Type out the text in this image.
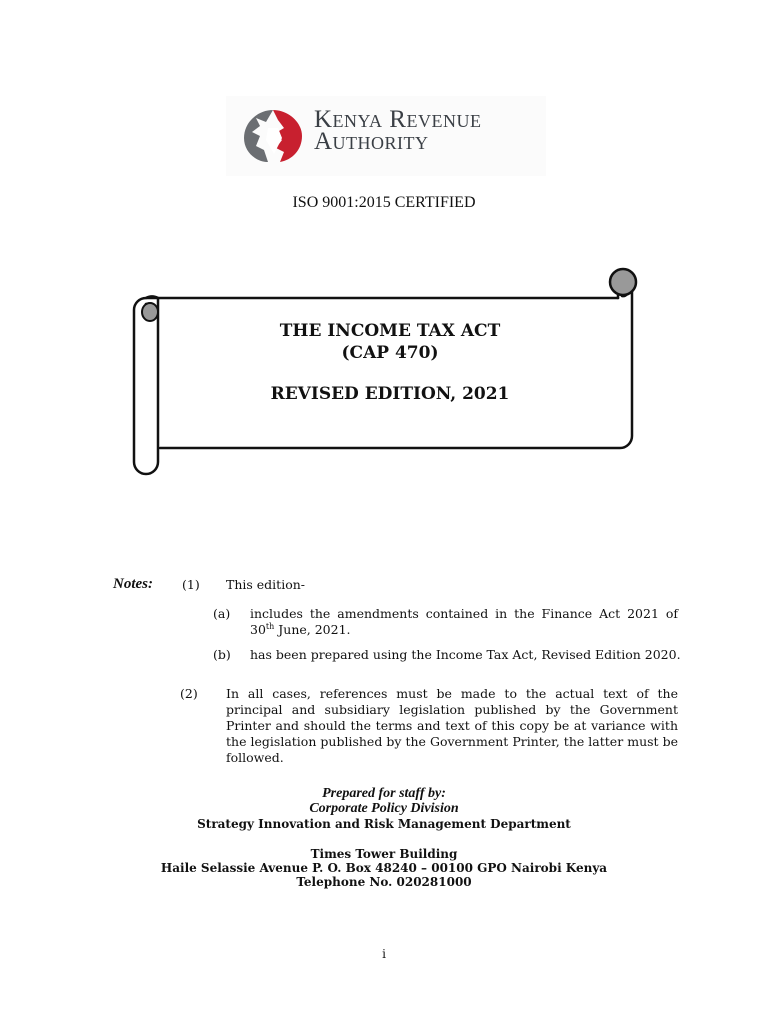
Kenya Revenue
Authority
ISO 9001:2015 CERTIFIED
THE INCOME TAX ACT
(CAP 470)
REVISED EDITION, 2021
Notes: (1) This edition-
(a) includes the amendments contained in the Finance Act 2021 of 30th June, 2021.
(b) has been prepared using the Income Tax Act, Revised Edition 2020.
(2) In all cases, references must be made to the actual text of the principal and subsidiary legislation published by the Government Printer and should the terms and text of this copy be at variance with the legislation published by the Government Printer, the latter must be followed.
Prepared for staff by:
Corporate Policy Division
Strategy Innovation and Risk Management Department
Times Tower Building
Haile Selassie Avenue P. O. Box 48240 – 00100 GPO Nairobi Kenya
Telephone No. 020281000
i
